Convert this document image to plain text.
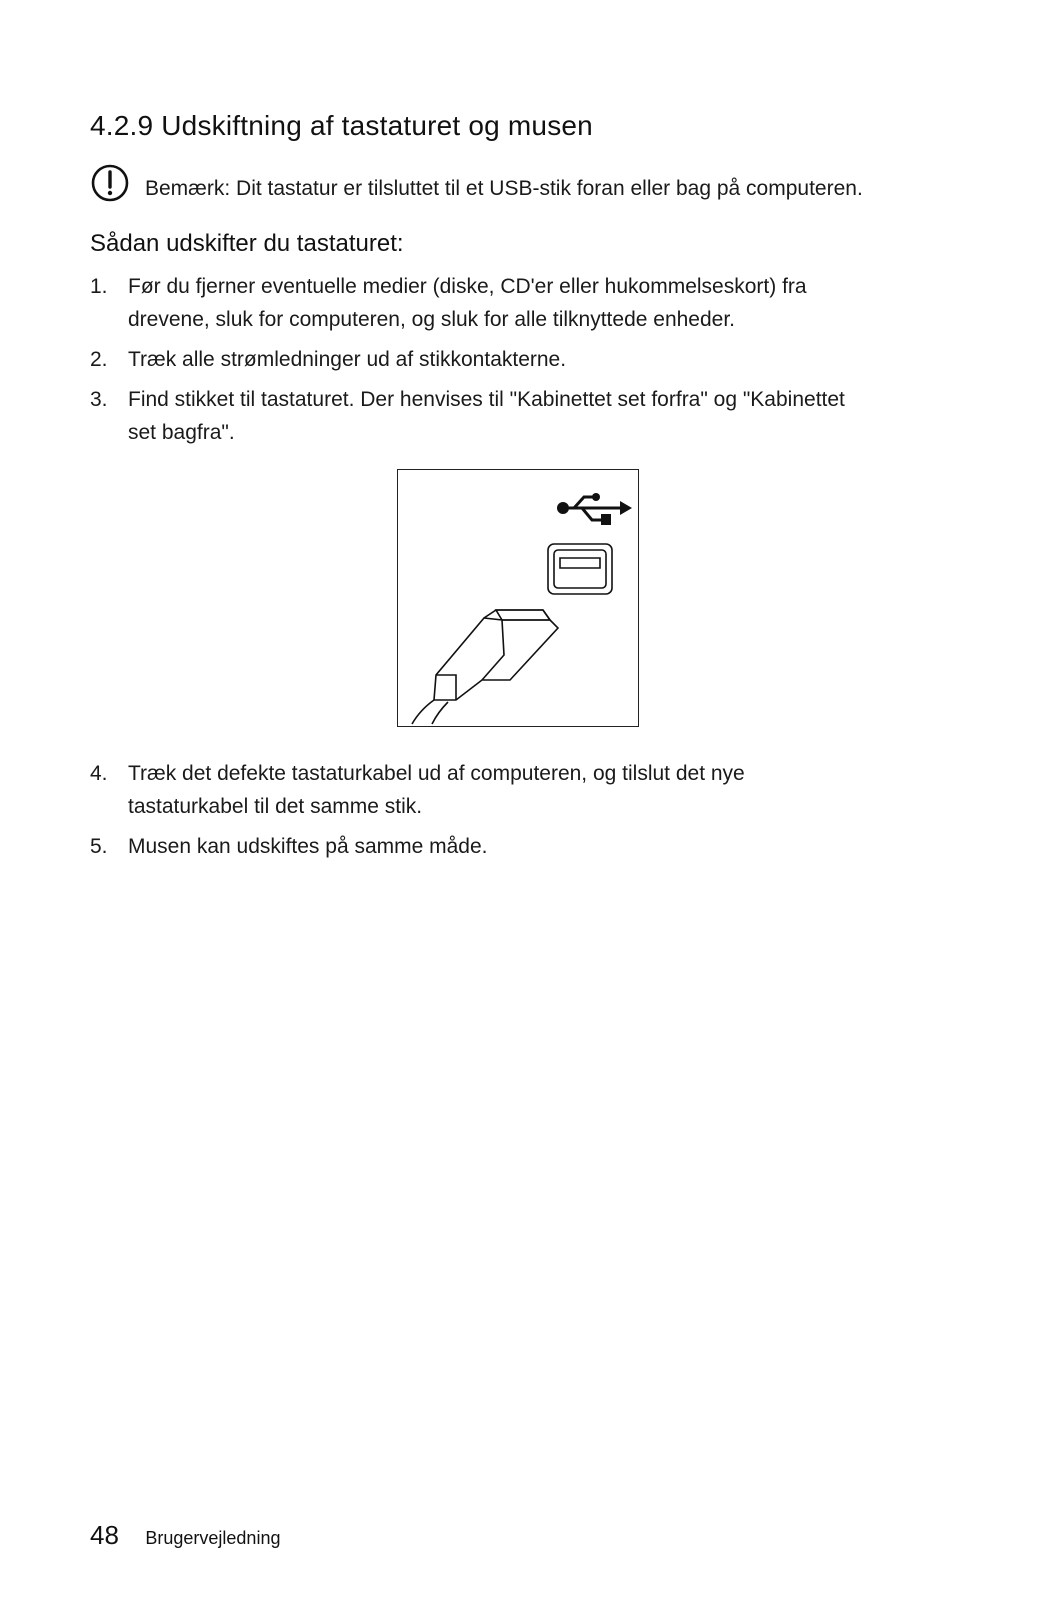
4.2.9 Udskiftning af tastaturet og musen
Bemærk: Dit tastatur er tilsluttet til et USB-stik foran eller bag på computeren.
Sådan udskifter du tastaturet:
1. Før du fjerner eventuelle medier (diske, CD'er eller hukommelseskort) fra
drevene, sluk for computeren, og sluk for alle tilknyttede enheder.
2. Træk alle strømledninger ud af stikkontakterne.
3. Find stikket til tastaturet. Der henvises til "Kabinettet set forfra" og "Kabinettet
set bagfra".
4. Træk det defekte tastaturkabel ud af computeren, og tilslut det nye
tastaturkabel til det samme stik.
5. Musen kan udskiftes på samme måde.
48 Brugervejledning
